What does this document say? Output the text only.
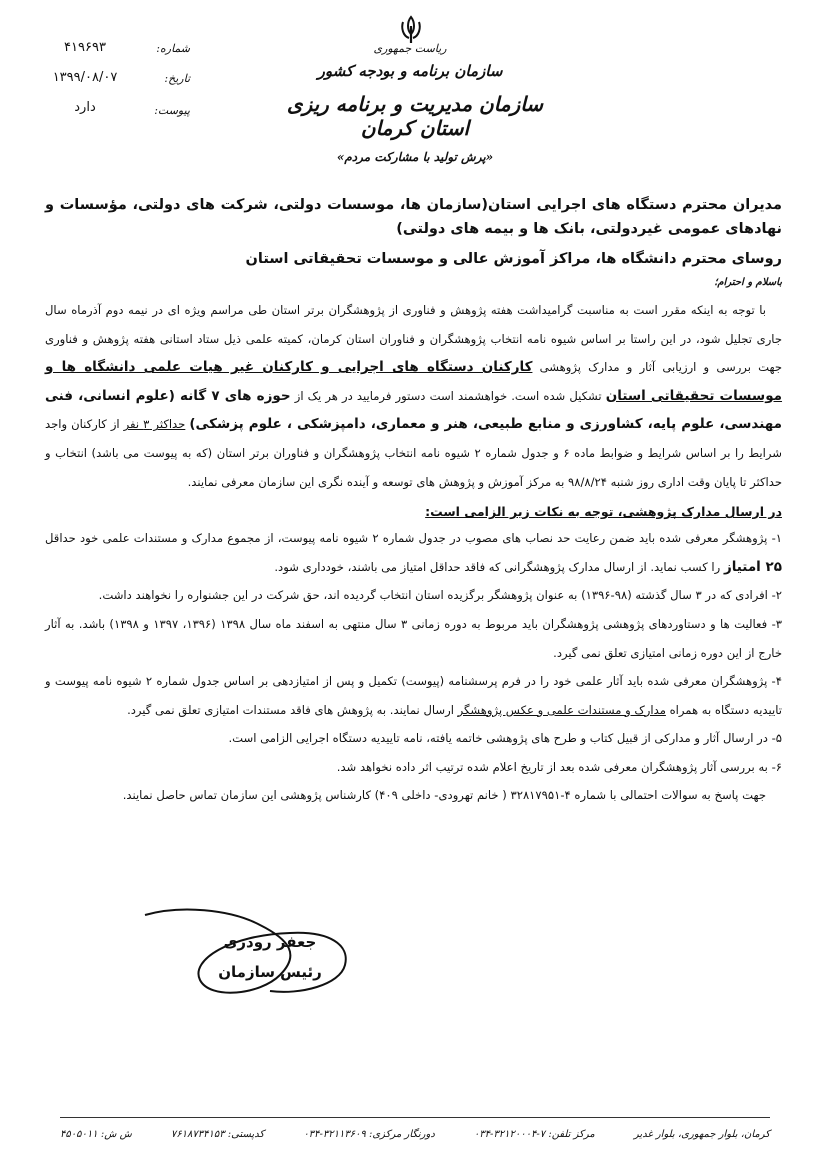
ریاست جمهوری
سازمان برنامه و بودجه کشور
سازمان مدیریت و برنامه ریزی استان کرمان
شماره:
۴۱۹۶۹۳
تاریخ:
۱۳۹۹/۰۸/۰۷
پیوست:
دارد
«پرش تولید با مشارکت مردم»
مدیران محترم دستگاه های اجرایی استان(سازمان ها، موسسات دولتی، شرکت های دولتی، مؤسسات و نهادهای عمومی غیردولتی، بانک ها و بیمه های دولتی)
روسای محترم دانشگاه ها، مراکز آموزش عالی و موسسات تحقیقاتی استان
باسلام و احترام؛

با توجه به اینکه مقرر است به مناسبت گرامیداشت هفته پژوهش و فناوری از پژوهشگران برتر استان طی مراسم ویژه ای در نیمه دوم آذرماه سال جاری تجلیل شود، در این راستا بر اساس شیوه نامه انتخاب پژوهشگران و فناوران استان کرمان، کمیته علمی ذیل ستاد استانی هفته پژوهش و فناوری جهت بررسی و ارزیابی آثار و مدارک پژوهشی کارکنان دستگاه های اجرایی و کارکنان غیر هیات علمی دانشگاه ها و موسسات تحقیقاتی استان تشکیل شده است. خواهشمند است دستور فرمایید در هر یک از حوزه های ۷ گانه (علوم انسانی، فنی مهندسی، علوم پایه، کشاورزی و منابع طبیعی، هنر و معماری، دامپزشکی ، علوم پزشکی) حداکثر ۳ نفر از کارکنان واجد شرایط را بر اساس شرایط و ضوابط ماده ۶ و جدول شماره ۲ شیوه نامه انتخاب پژوهشگران و فناوران برتر استان (که به پیوست می باشد) انتخاب و حداکثر تا پایان وقت اداری روز شنبه ۹۸/۸/۲۴ به مرکز آموزش و پژوهش های توسعه و آینده نگری این سازمان معرفی نمایند.

در ارسال مدارک پژوهشی، توجه به نکات زیر الزامی است:
۱- پژوهشگر معرفی شده باید ضمن رعایت حد نصاب های مصوب در جدول شماره ۲ شیوه نامه پیوست، از مجموع مدارک و مستندات علمی خود حداقل ۲۵ امتیاز را کسب نماید. از ارسال مدارک پژوهشگرانی که فاقد حداقل امتیاز می باشند، خودداری شود.
۲- افرادی که در ۳ سال گذشته (۹۸-۱۳۹۶) به عنوان پژوهشگر برگزیده استان انتخاب گردیده اند، حق شرکت در این جشنواره را نخواهند داشت.
۳- فعالیت ها و دستاوردهای پژوهشی پژوهشگران باید مربوط به دوره زمانی ۳ سال منتهی به اسفند ماه سال ۱۳۹۸ (۱۳۹۶، ۱۳۹۷ و ۱۳۹۸) باشد. به آثار خارج از این دوره زمانی امتیازی تعلق نمی گیرد.
۴- پژوهشگران معرفی شده باید آثار علمی خود را در فرم پرسشنامه (پیوست) تکمیل و پس از امتیازدهی بر اساس جدول شماره ۲ شیوه نامه پیوست و تاییدیه دستگاه به همراه مدارک و مستندات علمی و عکس پژوهشگر ارسال نمایند. به پژوهش های فاقد مستندات امتیازی تعلق نمی گیرد.
۵- در ارسال آثار و مدارکی از قبیل کتاب و طرح های پژوهشی خاتمه یافته، نامه تاییدیه دستگاه اجرایی الزامی است.
۶- به بررسی آثار پژوهشگران معرفی شده بعد از تاریخ اعلام شده ترتیب اثر داده نخواهد شد.

جهت پاسخ به سوالات احتمالی با شماره ۴-۳۲۸۱۷۹۵۱ ( خانم تهرودی- داخلی ۴۰۹) کارشناس پژوهشی این سازمان تماس حاصل نمایند.

جعفر رودری
رئیس سازمان
کرمان، بلوار جمهوری، بلوار غدیر
مرکز تلفن: ۷-۳۲۱۲۰۰۰۴-۰۳۴
دورنگار مرکزی: ۳۲۱۱۳۶۰۹-۰۳۴
کدپستی: ۷۶۱۸۷۳۴۱۵۳
ش ش: ۴۵۰۵۰۱۱
